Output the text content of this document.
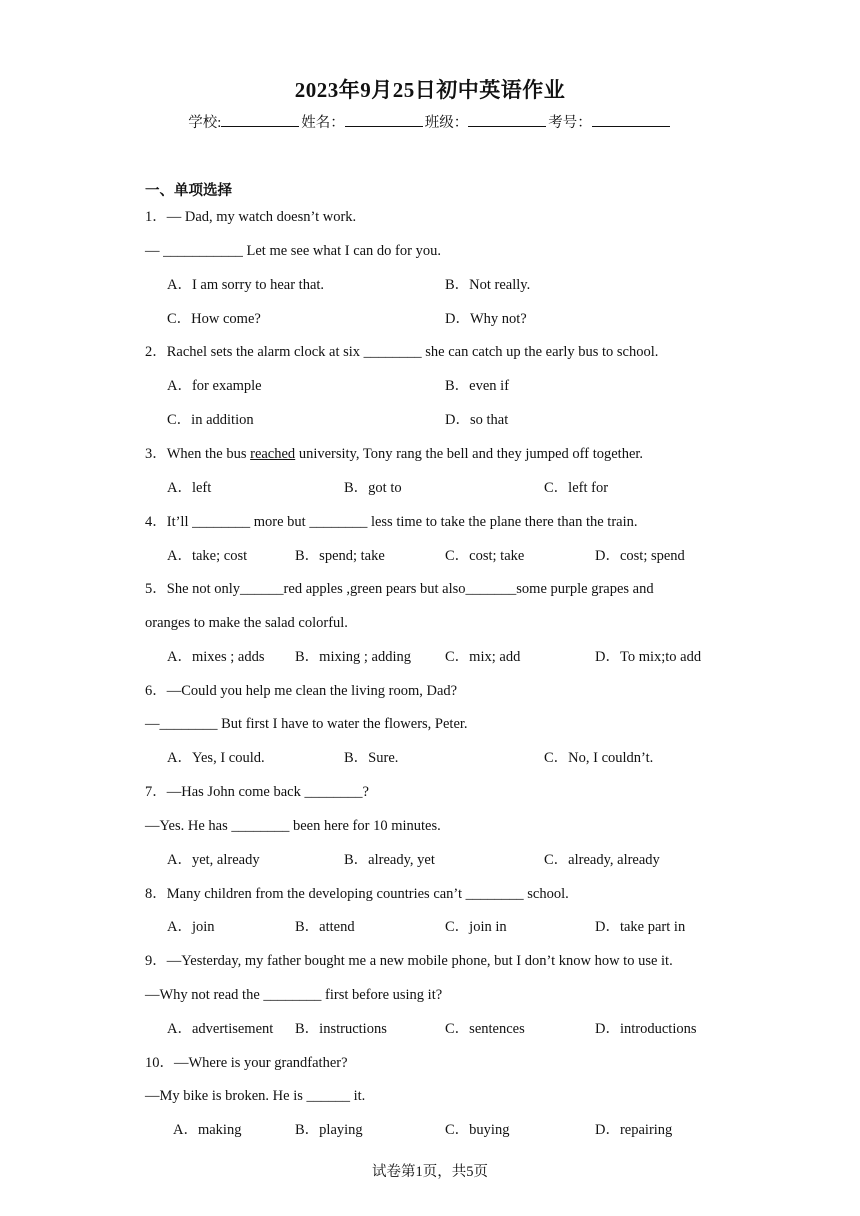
2023年9月25日初中英语作业
学校:	姓名：	班级：	考号：
一、单项选择
1．— Dad, my watch doesn’t work.
— ___________ Let me see what I can do for you.
A．I am sorry to hear that.	B．Not really.
C．How come?	D．Why not?
2．Rachel sets the alarm clock at six ________ she can catch up the early bus to school.
A．for example	B．even if
C．in addition	D．so that
3．When the bus reached university, Tony rang the bell and they jumped off together.
A．left	B．got to	C．left for
4．It’ll ________ more but ________ less time to take the plane there than the train.
A．take; cost	B．spend; take	C．cost; take	D．cost; spend
5．She not only______red apples ,green pears but also_______some purple grapes and
oranges to make the salad colorful.
A．mixes ; adds B．mixing ; adding C．mix; add	D．To mix;to add
6．—Could you help me clean the living room, Dad?
—________ But first I have to water the flowers, Peter.
A．Yes, I could.	B．Sure.	C．No, I couldn’t.
7．—Has John come back ________?
—Yes. He has ________ been here for 10 minutes.
A．yet, already	B．already, yet	C．already, already
8．Many children from the developing countries can’t ________ school.
A．join	B．attend	C．join in	D．take part in
9．—Yesterday, my father bought me a new mobile phone, but I don’t know how to use it.
—Why not read the ________ first before using it?
A．advertisement B．instructions	C．sentences	D．introductions
10．—Where is your grandfather?
—My bike is broken. He is ______ it.
A．making	B．playing	C．buying	D．repairing
试卷第1页，共5页
